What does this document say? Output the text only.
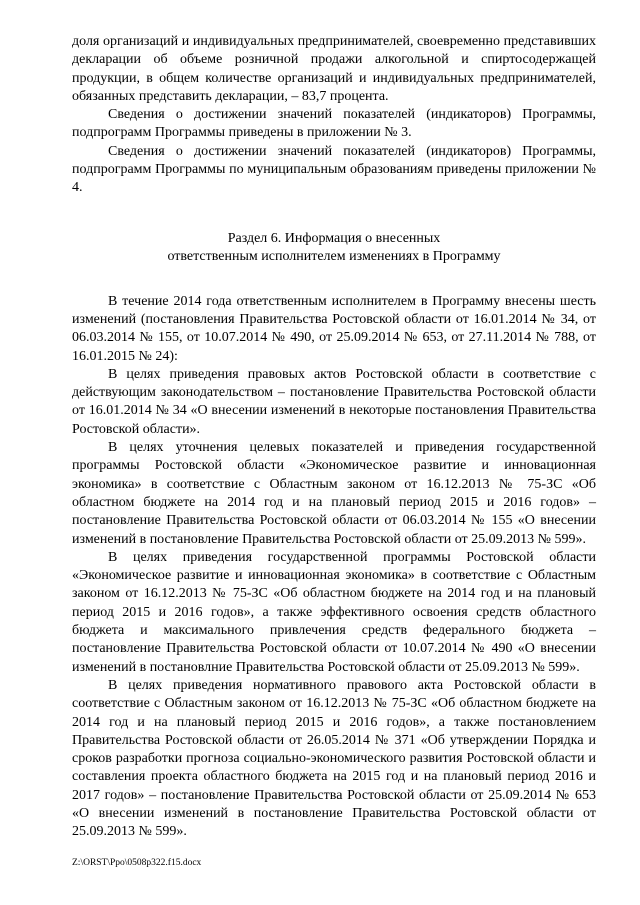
доля организаций и индивидуальных предпринимателей, своевременно представивших декларации об объеме розничной продажи алкогольной и спиртосодержащей продукции, в общем количестве организаций и индивидуальных предпринимателей, обязанных представить декларации, – 83,7 процента.

Сведения о достижении значений показателей (индикаторов) Программы, подпрограмм Программы приведены в приложении № 3.

Сведения о достижении значений показателей (индикаторов) Программы, подпрограмм Программы по муниципальным образованиям приведены приложении № 4.

Раздел 6. Информация о внесенных
ответственным исполнителем изменениях в Программу

В течение 2014 года ответственным исполнителем в Программу внесены шесть изменений (постановления Правительства Ростовской области от 16.01.2014 № 34, от 06.03.2014 № 155, от 10.07.2014 № 490, от 25.09.2014 № 653, от 27.11.2014 № 788, от 16.01.2015 № 24):

В целях приведения правовых актов Ростовской области в соответствие с действующим законодательством – постановление Правительства Ростовской области от 16.01.2014 № 34 «О внесении изменений в некоторые постановления Правительства Ростовской области».

В целях уточнения целевых показателей и приведения государственной программы Ростовской области «Экономическое развитие и инновационная экономика» в соответствие с Областным законом от 16.12.2013 № 75-ЗС «Об областном бюджете на 2014 год и на плановый период 2015 и 2016 годов» – постановление Правительства Ростовской области от 06.03.2014 № 155 «О внесении изменений в постановление Правительства Ростовской области от 25.09.2013 № 599».

В целях приведения государственной программы Ростовской области «Экономическое развитие и инновационная экономика» в соответствие с Областным законом от 16.12.2013 № 75-ЗС «Об областном бюджете на 2014 год и на плановый период 2015 и 2016 годов», а также эффективного освоения средств областного бюджета и максимального привлечения средств федерального бюджета – постановление Правительства Ростовской области от 10.07.2014 № 490 «О внесении изменений в постановлние Правительства Ростовской области от 25.09.2013 № 599».

В целях приведения нормативного правового акта Ростовской области в соответствие с Областным законом от 16.12.2013 № 75-ЗС «Об областном бюджете на 2014 год и на плановый период 2015 и 2016 годов», а также постановлением Правительства Ростовской области от 26.05.2014 № 371 «Об утверждении Порядка и сроков разработки прогноза социально-экономического развития Ростовской области и составления проекта областного бюджета на 2015 год и на плановый период 2016 и 2017 годов» – постановление Правительства Ростовской области от 25.09.2014 № 653 «О внесении изменений в постановление Правительства Ростовской области от 25.09.2013 № 599».

Z:\ORST\Ppo\0508p322.f15.docx
